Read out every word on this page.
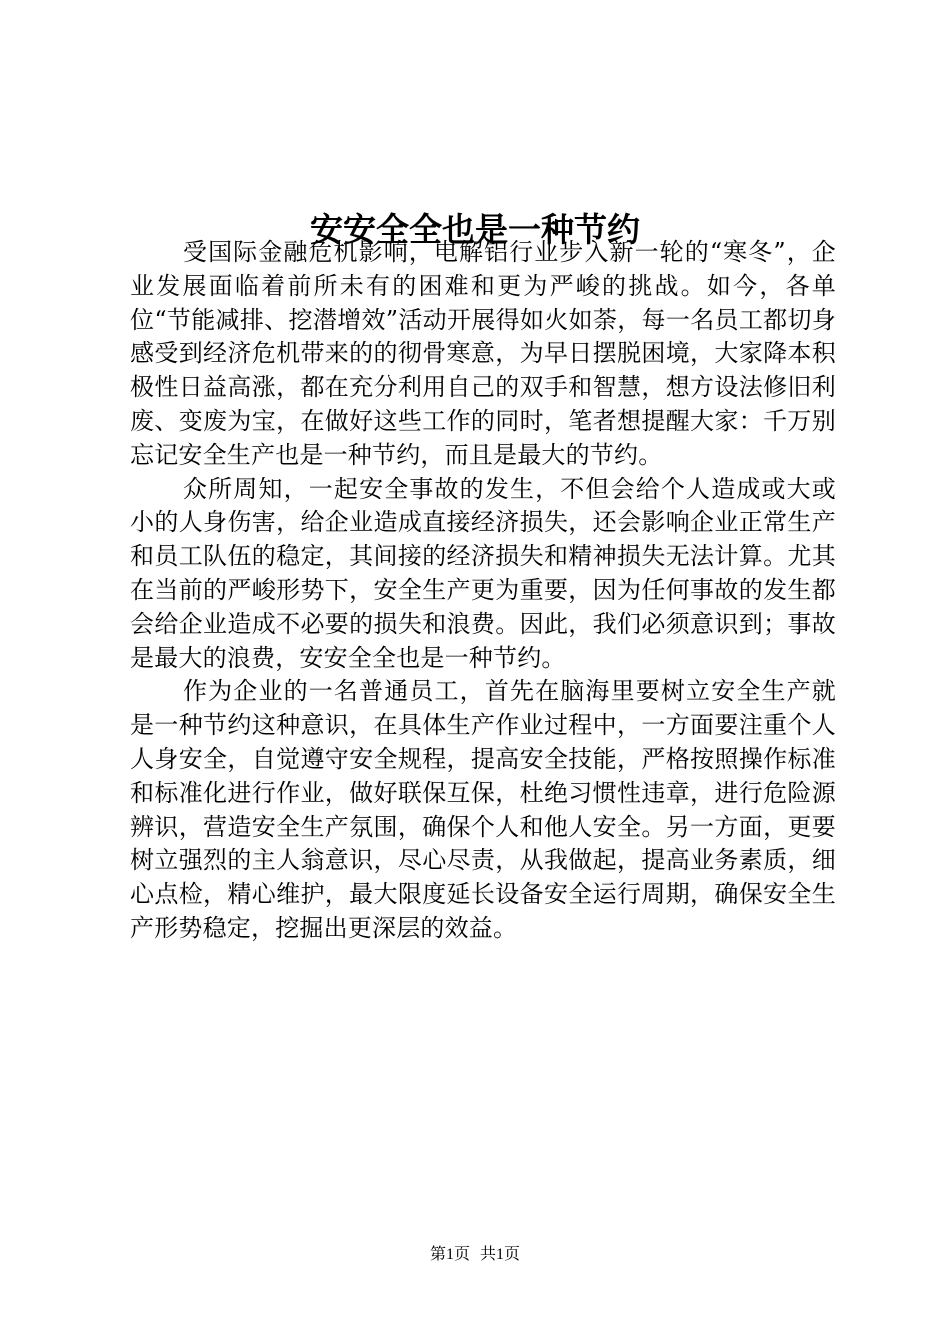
安安全全也是一种节约

受国际金融危机影响，电解铝行业步入新一轮的“寒冬”，企业发展面临着前所未有的困难和更为严峻的挑战。如今，各单位“节能减排、挖潜增效”活动开展得如火如荼，每一名员工都切身感受到经济危机带来的的彻骨寒意，为早日摆脱困境，大家降本积极性日益高涨，都在充分利用自己的双手和智慧，想方设法修旧利废、变废为宝，在做好这些工作的同时，笔者想提醒大家：千万别忘记安全生产也是一种节约，而且是最大的节约。

众所周知，一起安全事故的发生，不但会给个人造成或大或小的人身伤害，给企业造成直接经济损失，还会影响企业正常生产和员工队伍的稳定，其间接的经济损失和精神损失无法计算。尤其在当前的严峻形势下，安全生产更为重要，因为任何事故的发生都会给企业造成不必要的损失和浪费。因此，我们必须意识到；事故是最大的浪费，安安全全也是一种节约。

作为企业的一名普通员工，首先在脑海里要树立安全生产就是一种节约这种意识，在具体生产作业过程中，一方面要注重个人人身安全，自觉遵守安全规程，提高安全技能，严格按照操作标准和标准化进行作业，做好联保互保，杜绝习惯性违章，进行危险源辨识，营造安全生产氛围，确保个人和他人安全。另一方面，更要树立强烈的主人翁意识，尽心尽责，从我做起，提高业务素质，细心点检，精心维护，最大限度延长设备安全运行周期，确保安全生产形势稳定，挖掘出更深层的效益。

第1页 共1页
